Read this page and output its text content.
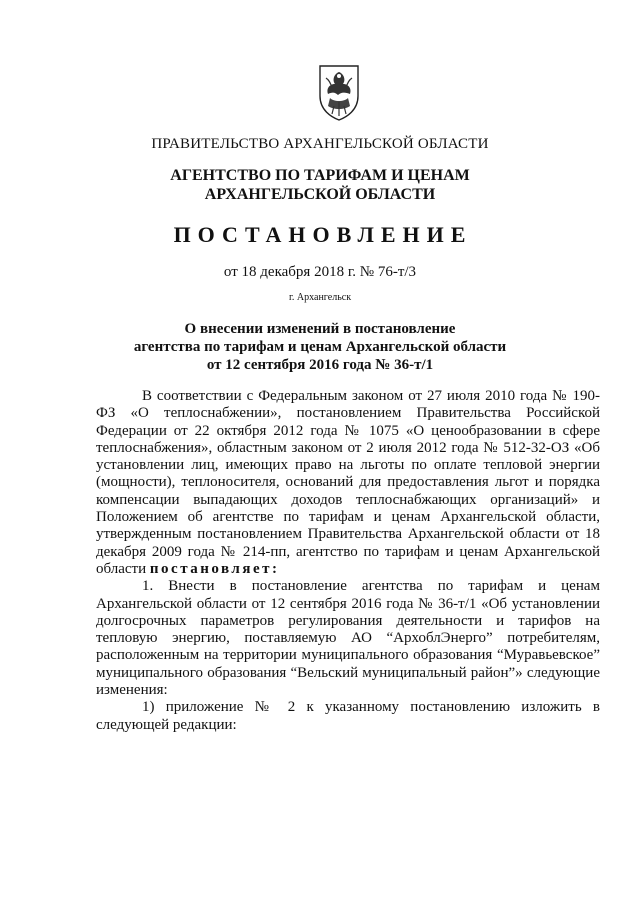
ПРАВИТЕЛЬСТВО АРХАНГЕЛЬСКОЙ ОБЛАСТИ
АГЕНТСТВО ПО ТАРИФАМ И ЦЕНАМ
АРХАНГЕЛЬСКОЙ ОБЛАСТИ
ПОСТАНОВЛЕНИЕ
от 18 декабря 2018 г. № 76-т/3
г. Архангельск
О внесении изменений в постановление
агентства по тарифам и ценам Архангельской области
от 12 сентября 2016 года № 36-т/1

В соответствии с Федеральным законом от 27 июля 2010 года № 190-ФЗ «О теплоснабжении», постановлением Правительства Российской Федерации от 22 октября 2012 года № 1075 «О ценообразовании в сфере теплоснабжения», областным законом от 2 июля 2012 года № 512-32-ОЗ «Об установлении лиц, имеющих право на льготы по оплате тепловой энергии (мощности), теплоносителя, оснований для предоставления льгот и порядка компенсации выпадающих доходов теплоснабжающих организаций» и Положением об агентстве по тарифам и ценам Архангельской области, утвержденным постановлением Правительства Архангельской области от 18 декабря 2009 года № 214-пп, агентство по тарифам и ценам Архангельской области постановляет:

1. Внести в постановление агентства по тарифам и ценам Архангельской области от 12 сентября 2016 года № 36-т/1 «Об установлении долгосрочных параметров регулирования деятельности и тарифов на тепловую энергию, поставляемую АО “АрхоблЭнерго” потребителям, расположенным на территории муниципального образования “Муравьевское” муниципального образования “Вельский муниципальный район”» следующие изменения:

1) приложение № 2 к указанному постановлению изложить в следующей редакции:
